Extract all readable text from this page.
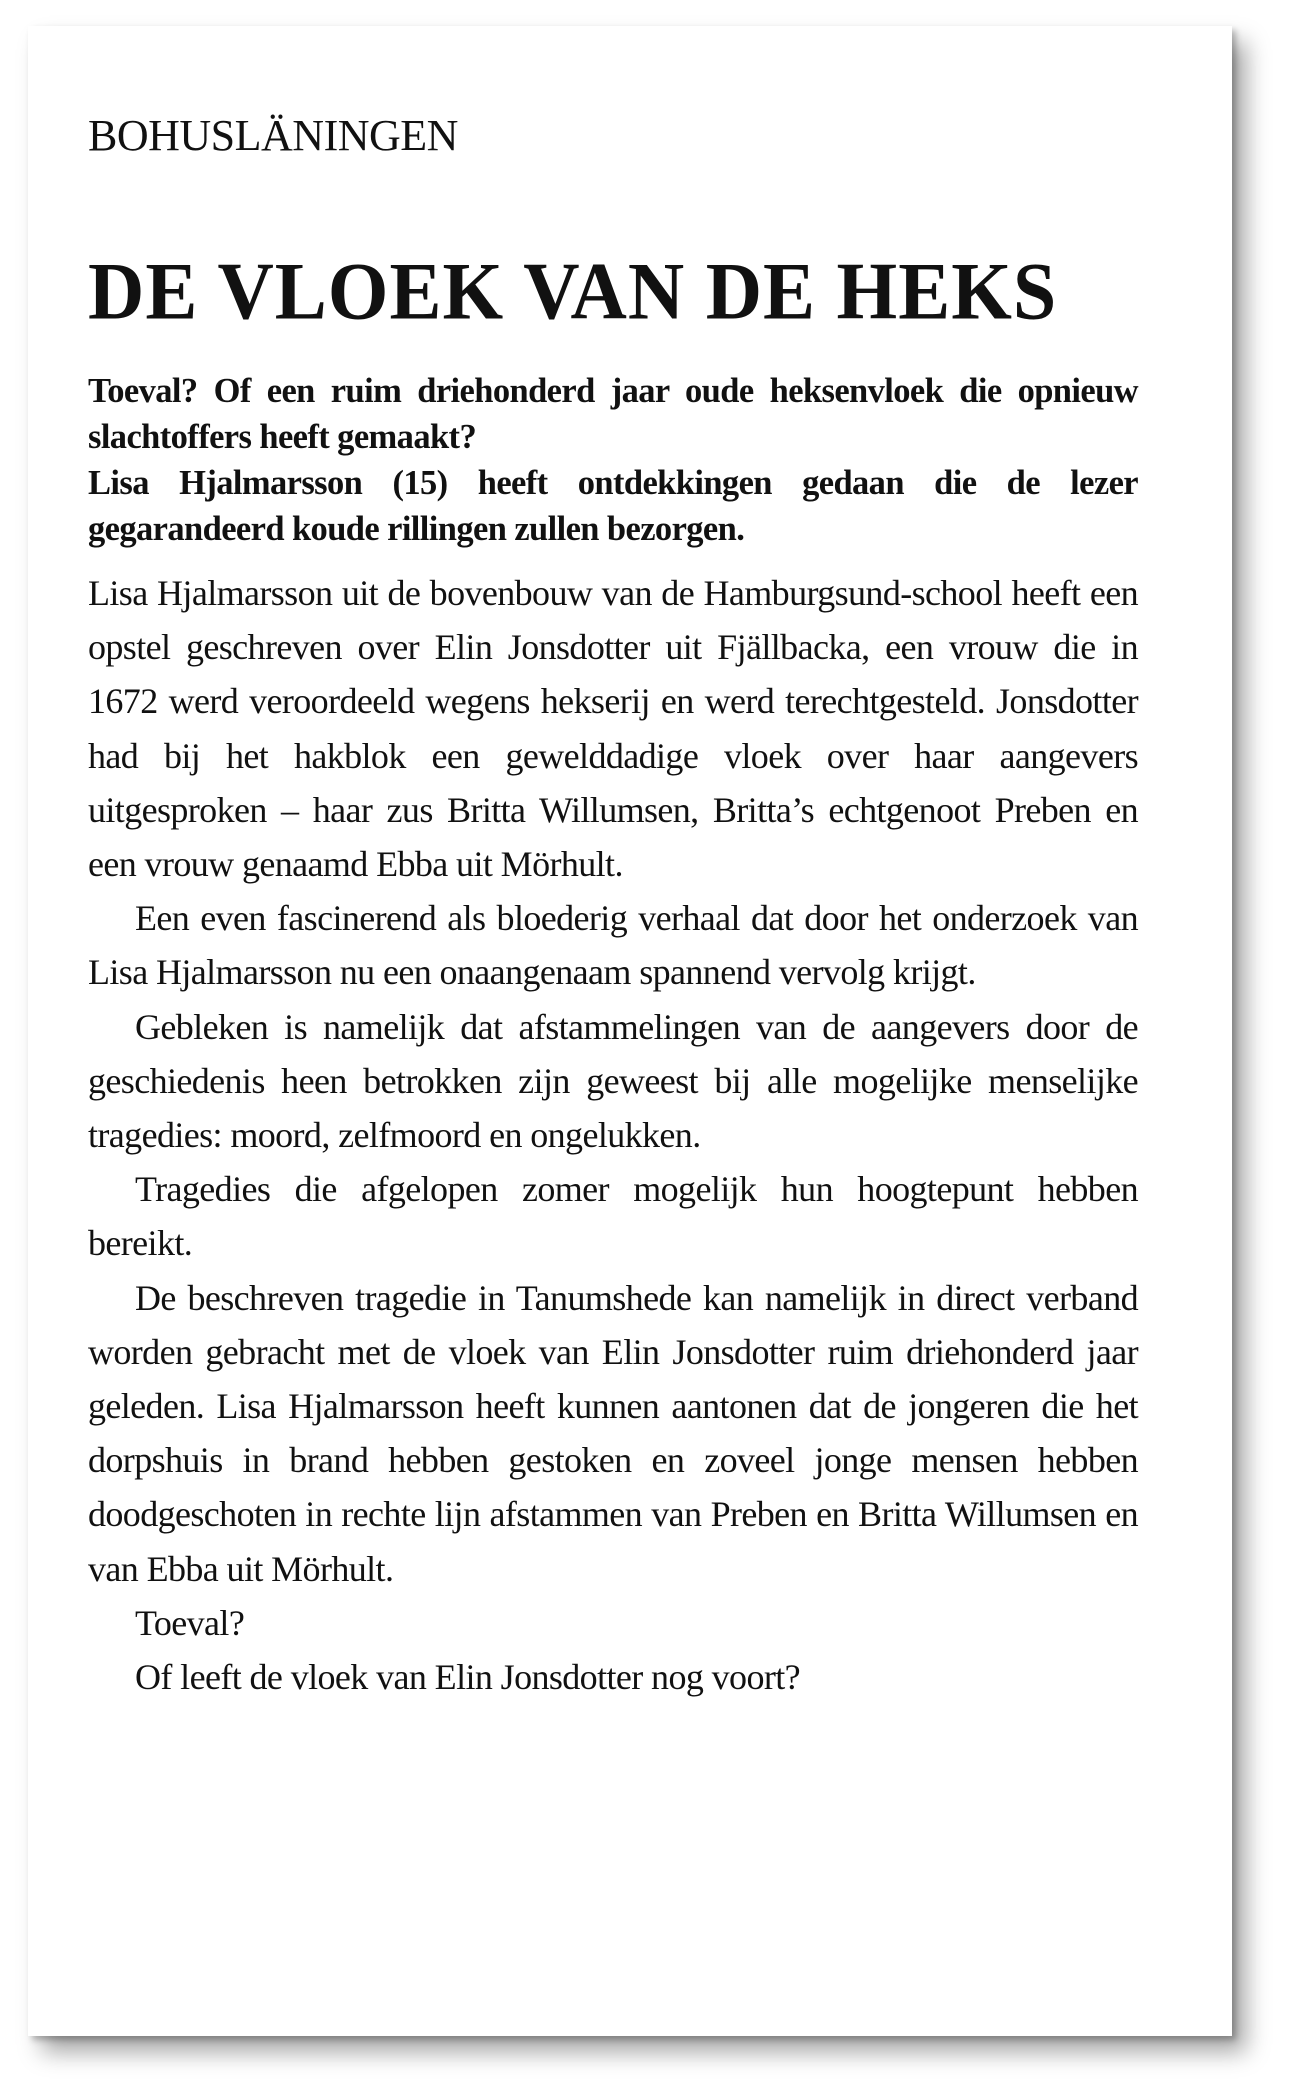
BOHUSLÄNINGEN
DE VLOEK VAN DE HEKS
Toeval? Of een ruim driehonderd jaar oude heksenvloek die opnieuw slachtoffers heeft gemaakt?
Lisa Hjalmarsson (15) heeft ontdekkingen gedaan die de lezer gegarandeerd koude rillingen zullen bezorgen.

Lisa Hjalmarsson uit de bovenbouw van de Hamburgsund-school heeft een opstel geschreven over Elin Jonsdotter uit Fjällbacka, een vrouw die in 1672 werd veroordeeld wegens hekserij en werd terechtgesteld. Jonsdotter had bij het hakblok een gewelddadige vloek over haar aangevers uitgesproken – haar zus Britta Willumsen, Britta’s echtgenoot Preben en een vrouw genaamd Ebba uit Mörhult.

Een even fascinerend als bloederig verhaal dat door het onderzoek van Lisa Hjalmarsson nu een onaangenaam spannend vervolg krijgt.

Gebleken is namelijk dat afstammelingen van de aangevers door de geschiedenis heen betrokken zijn geweest bij alle mogelijke menselijke tragedies: moord, zelfmoord en ongelukken.

Tragedies die afgelopen zomer mogelijk hun hoogtepunt hebben bereikt.

De beschreven tragedie in Tanumshede kan namelijk in direct verband worden gebracht met de vloek van Elin Jonsdotter ruim driehonderd jaar geleden. Lisa Hjalmarsson heeft kunnen aantonen dat de jongeren die het dorpshuis in brand hebben gestoken en zoveel jonge mensen hebben doodgeschoten in rechte lijn afstammen van Preben en Britta Willumsen en van Ebba uit Mörhult.

Toeval?

Of leeft de vloek van Elin Jonsdotter nog voort?
